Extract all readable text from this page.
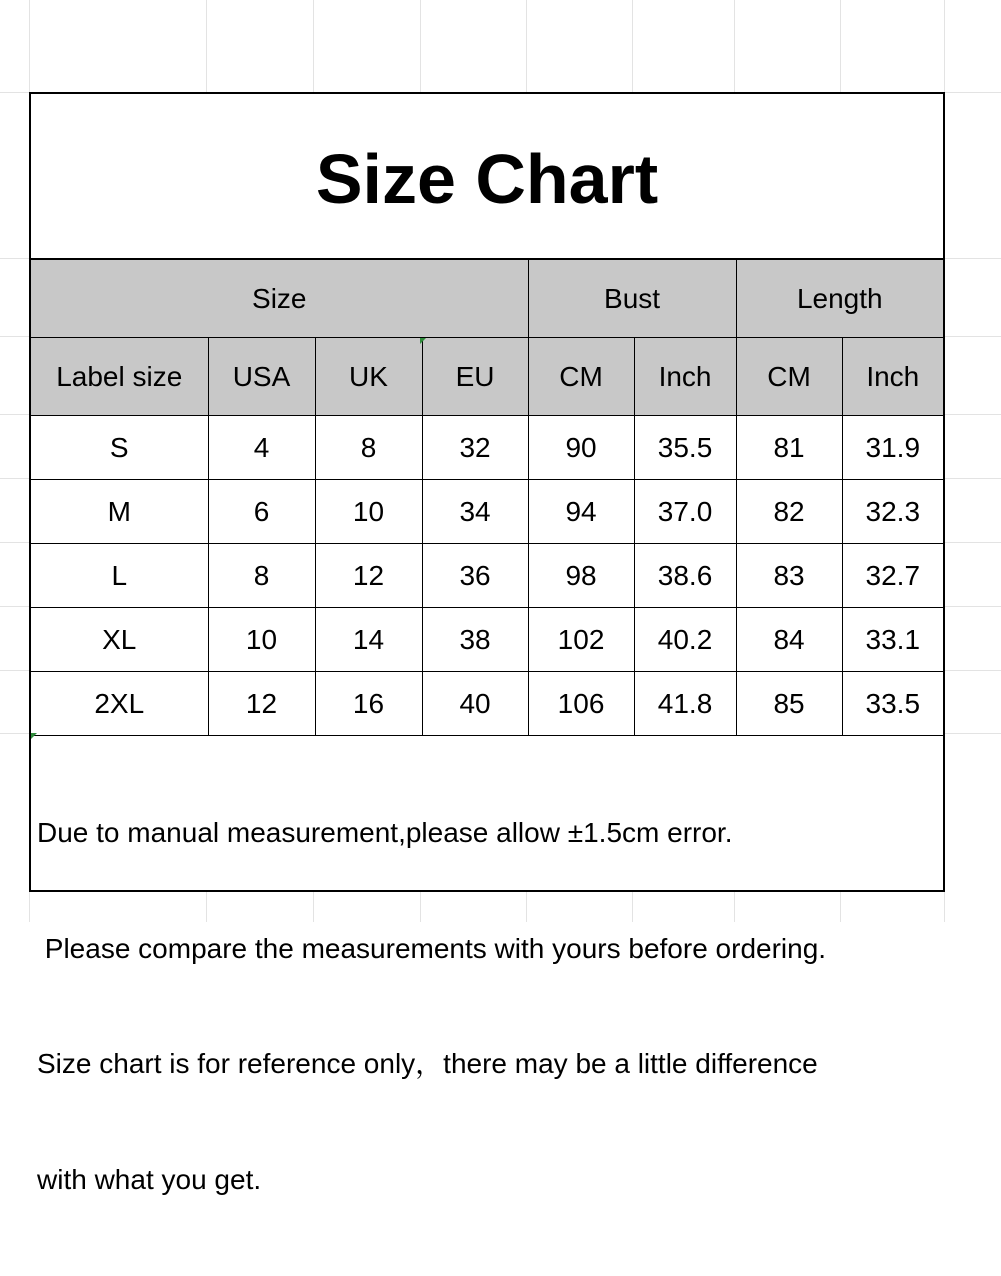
Size Chart
Size				Bust		Length	
Label size	USA	UK	EU	CM	Inch	CM	Inch
S	4	8	32	90	35.5	81	31.9
M	6	10	34	94	37.0	82	32.3
L	8	12	36	98	38.6	83	32.7
XL	10	14	38	102	40.2	84	33.1
2XL	12	16	40	106	41.8	85	33.5

Due to manual measurement,please allow ±1.5cm error.

Please compare the measurements with yours before ordering.

Size chart is for reference only，there may be a little difference

with what you get.
